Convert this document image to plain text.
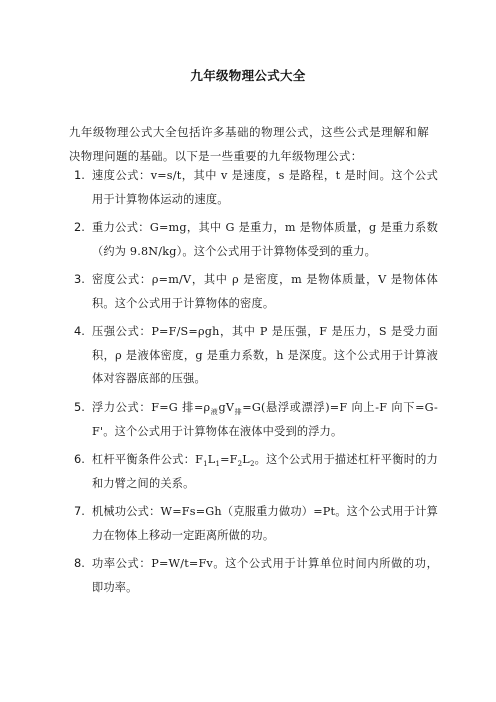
九年级物理公式大全
九年级物理公式大全包括许多基础的物理公式，这些公式是理解和解决物理问题的基础。以下是一些重要的九年级物理公式：
1. 速度公式：v=s/t，其中 v 是速度，s 是路程，t 是时间。这个公式用于计算物体运动的速度。
2. 重力公式：G=mg，其中 G 是重力，m 是物体质量，g 是重力系数（约为 9.8N/kg）。这个公式用于计算物体受到的重力。
3. 密度公式：ρ=m/V，其中 ρ 是密度，m 是物体质量，V 是物体体积。这个公式用于计算物体的密度。
4. 压强公式：P=F/S=ρgh，其中 P 是压强，F 是压力，S 是受力面积，ρ 是液体密度，g 是重力系数，h 是深度。这个公式用于计算液体对容器底部的压强。
5. 浮力公式：F=G 排$=\rho_液gV_排=G$(悬浮或漂浮)=F 向上-F 向下=G-F'。这个公式用于计算物体在液体中受到的浮力。
6. 杠杆平衡条件公式：$F_1L_1=F_2L_2$。这个公式用于描述杠杆平衡时的力和力臂之间的关系。
7. 机械功公式：W=Fs=Gh（克服重力做功）=Pt。这个公式用于计算力在物体上移动一定距离所做的功。
8. 功率公式：P=W/t=Fv。这个公式用于计算单位时间内所做的功，即功率。
